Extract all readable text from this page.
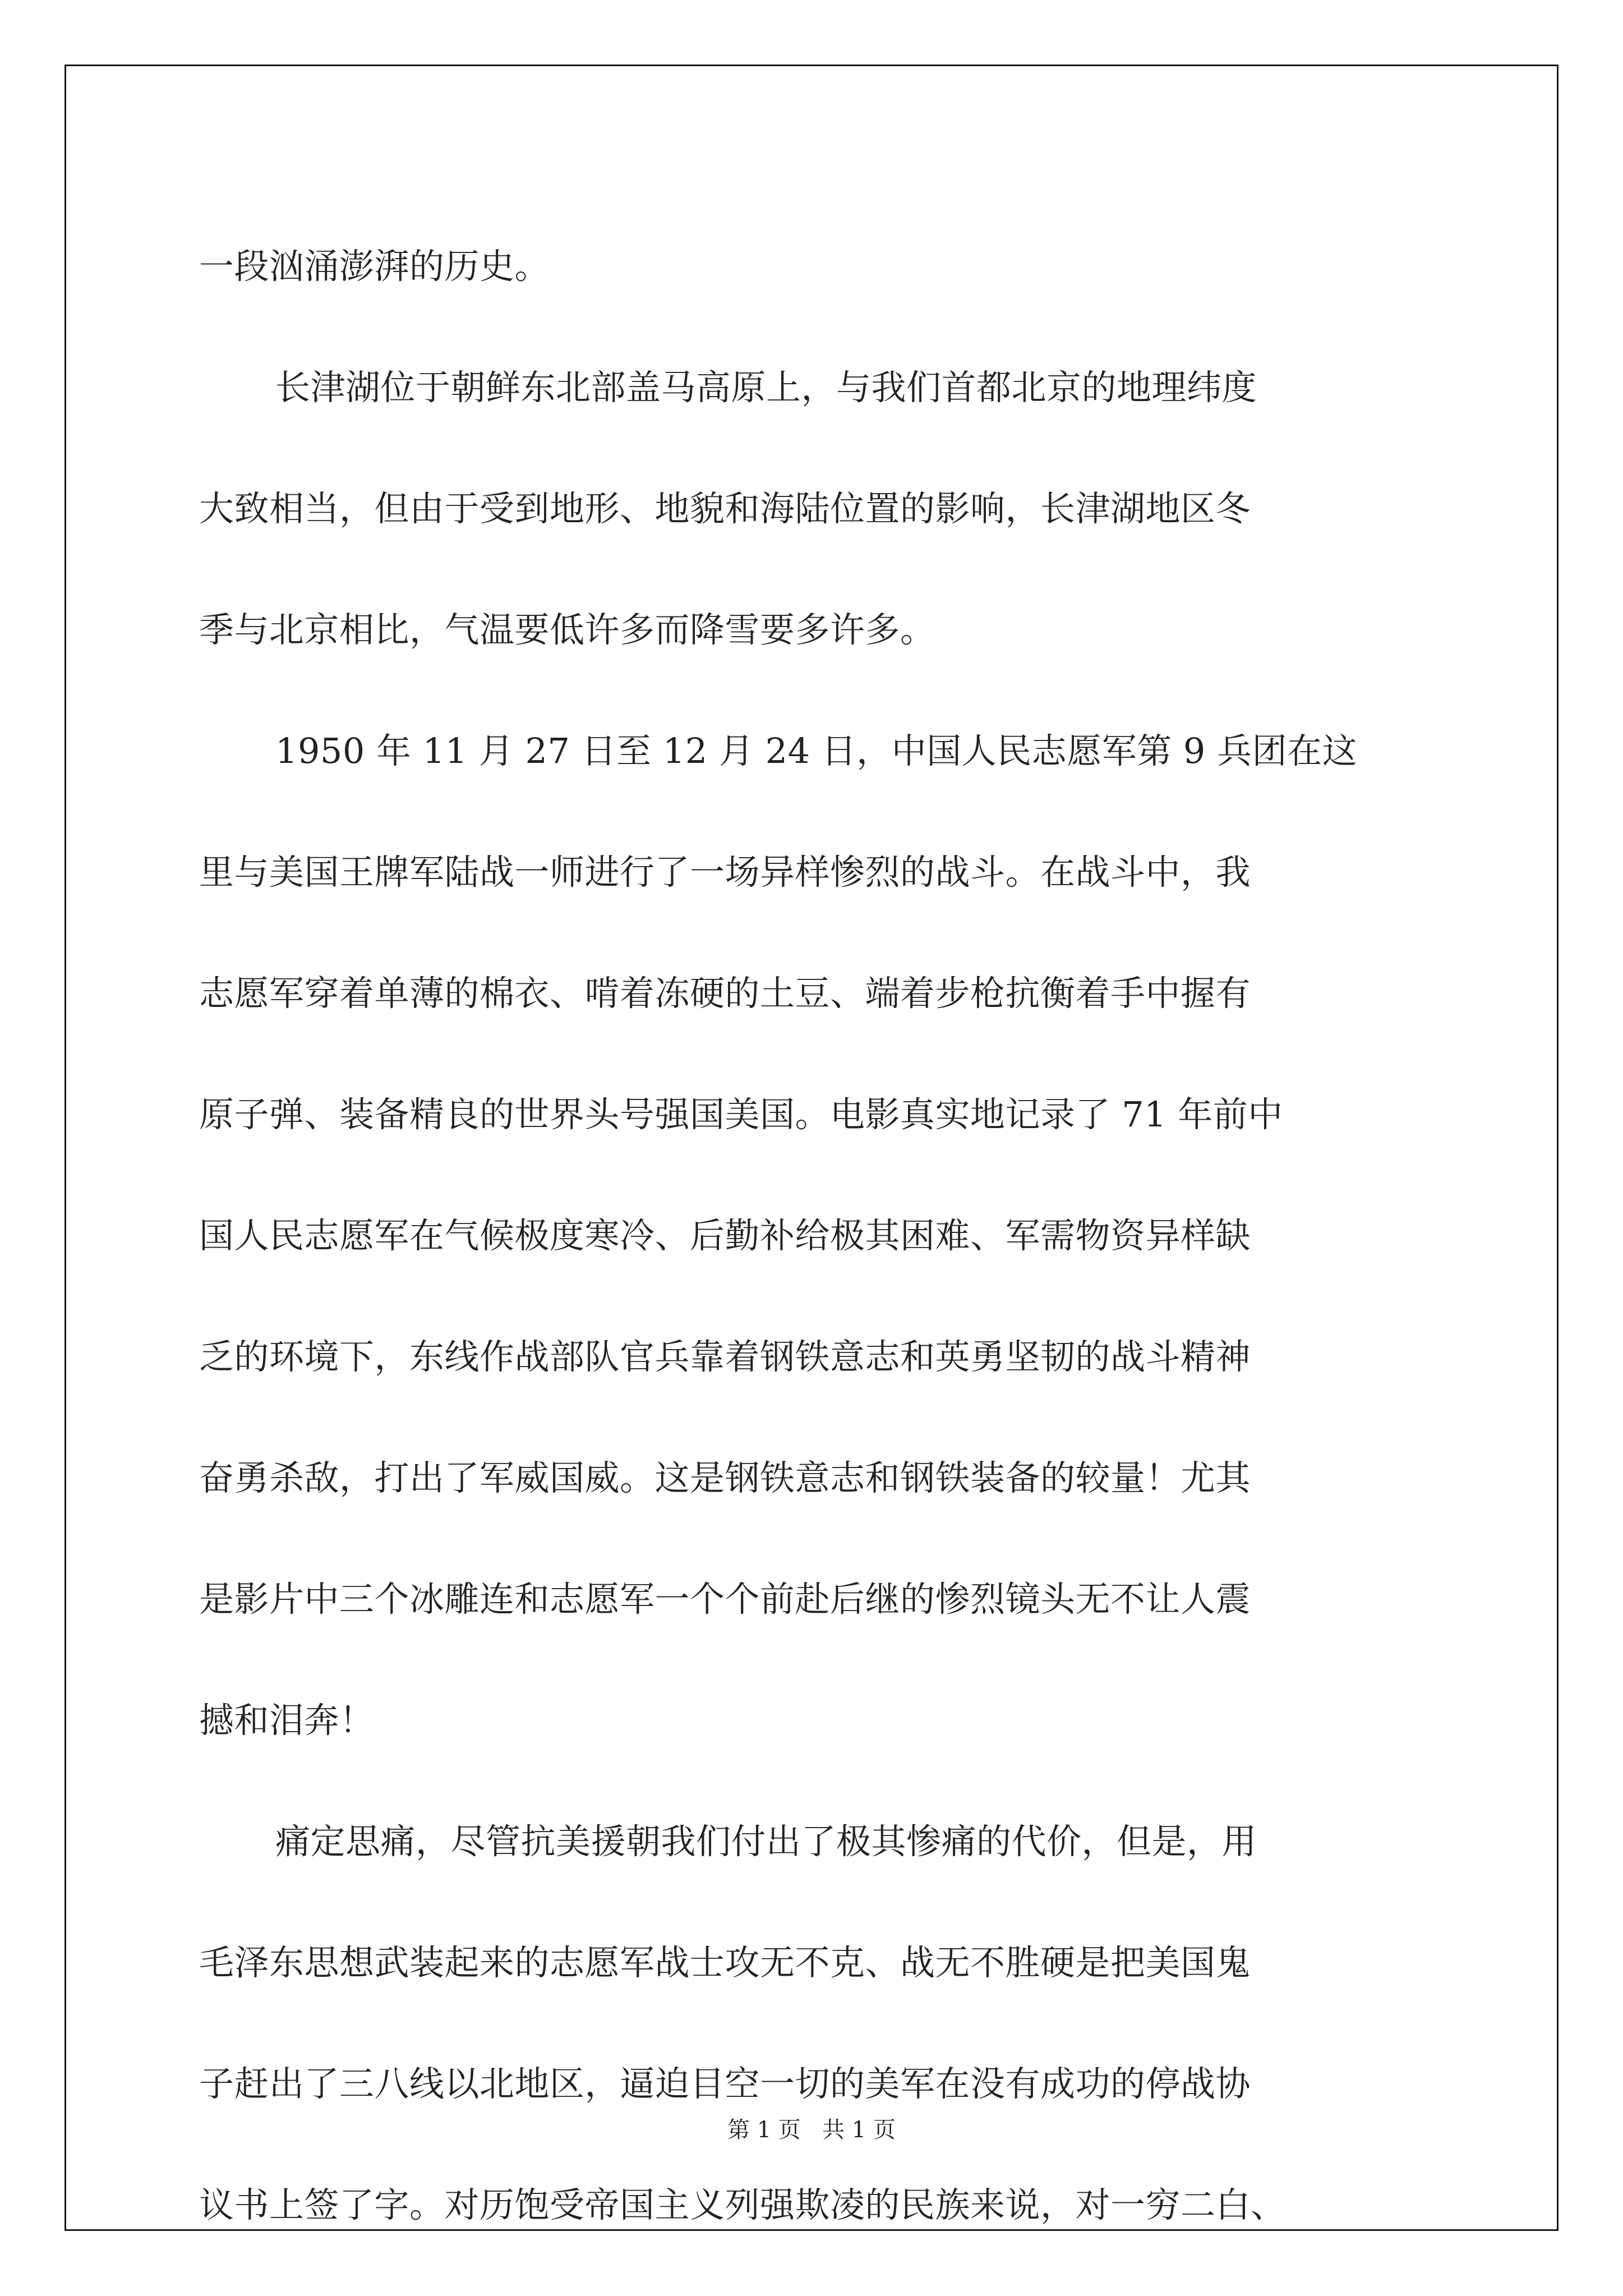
一段汹涌澎湃的历史。
长津湖位于朝鲜东北部盖马高原上，与我们首都北京的地理纬度
大致相当，但由于受到地形、地貌和海陆位置的影响，长津湖地区冬
季与北京相比，气温要低许多而降雪要多许多。
1950 年 11 月 27 日至 12 月 24 日，中国人民志愿军第 9 兵团在这
里与美国王牌军陆战一师进行了一场异样惨烈的战斗。在战斗中，我
志愿军穿着单薄的棉衣、啃着冻硬的土豆、端着步枪抗衡着手中握有
原子弹、装备精良的世界头号强国美国。电影真实地记录了 71 年前中
国人民志愿军在气候极度寒冷、后勤补给极其困难、军需物资异样缺
乏的环境下，东线作战部队官兵靠着钢铁意志和英勇坚韧的战斗精神
奋勇杀敌，打出了军威国威。这是钢铁意志和钢铁装备的较量！尤其
是影片中三个冰雕连和志愿军一个个前赴后继的惨烈镜头无不让人震
撼和泪奔！
痛定思痛，尽管抗美援朝我们付出了极其惨痛的代价，但是，用
毛泽东思想武装起来的志愿军战士攻无不克、战无不胜硬是把美国鬼
子赶出了三八线以北地区，逼迫目空一切的美军在没有成功的停战协
议书上签了字。对历饱受帝国主义列强欺凌的民族来说，对一穷二白、
第 1 页 共 1 页
